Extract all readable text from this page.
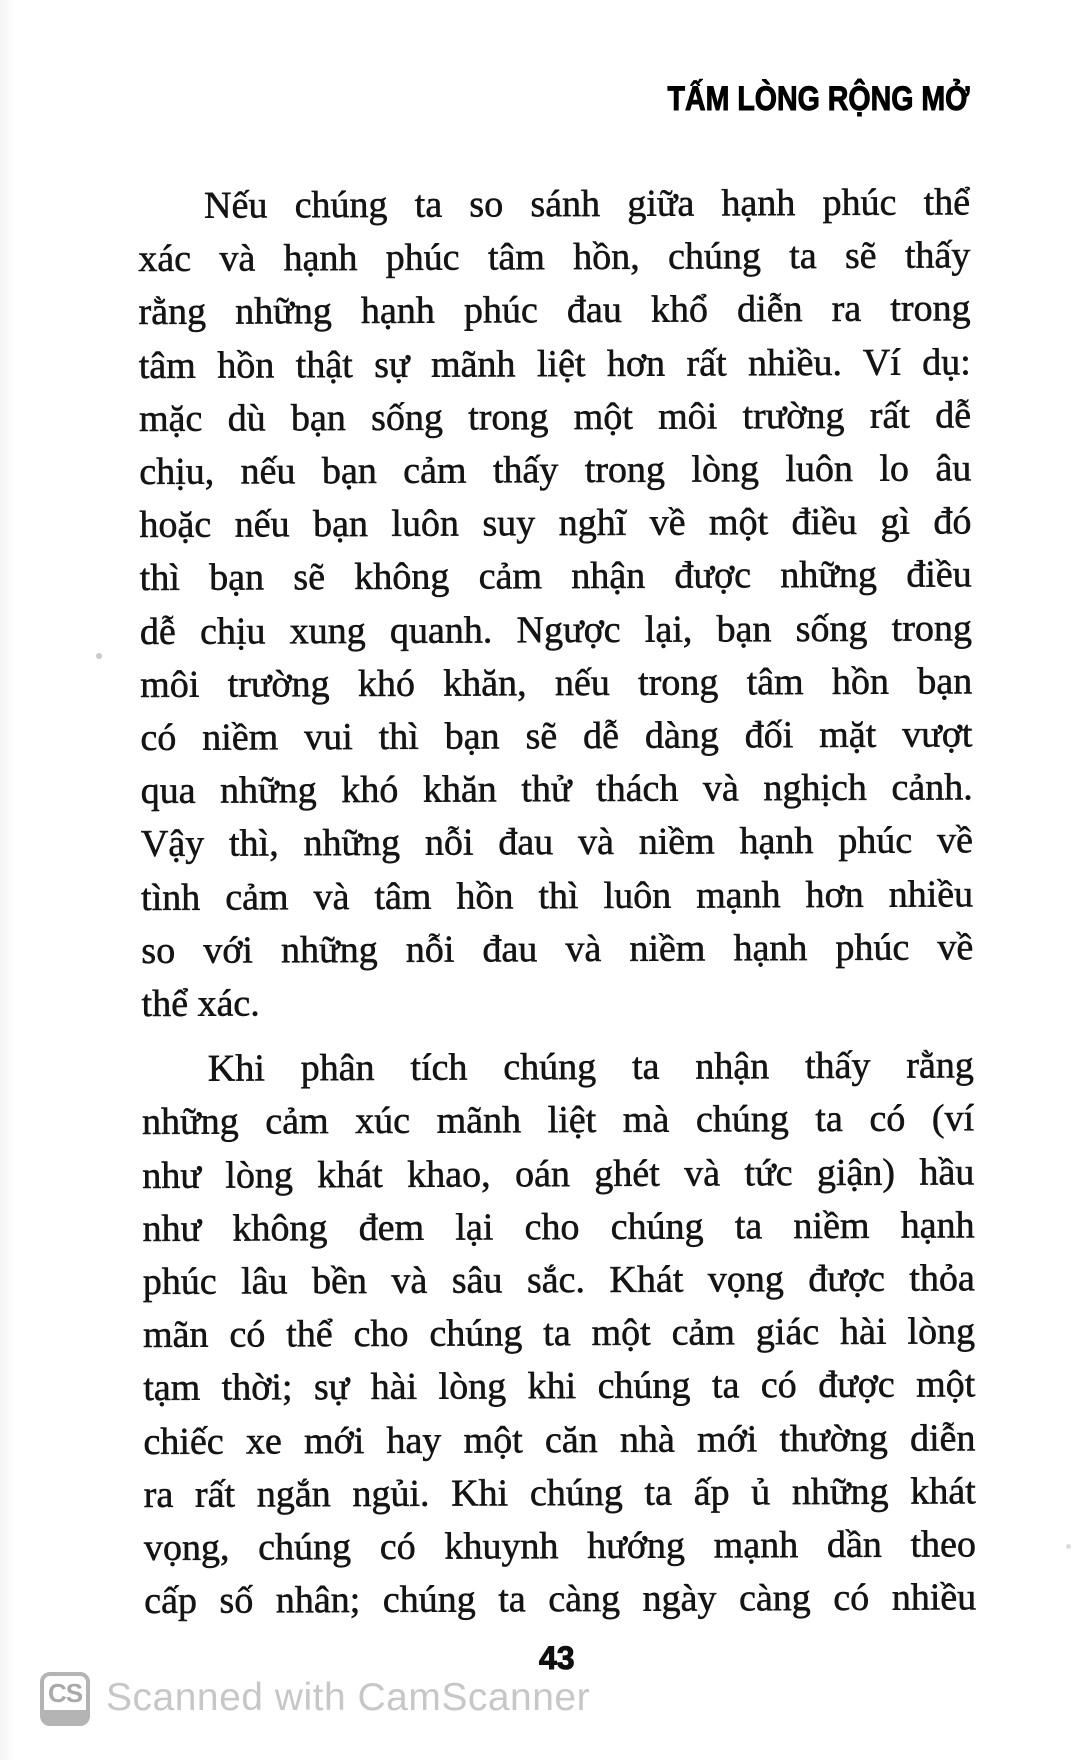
TẤM LÒNG RỘNG MỞ
Nếu chúng ta so sánh giữa hạnh phúc thể
xác và hạnh phúc tâm hồn, chúng ta sẽ thấy
rằng những hạnh phúc đau khổ diễn ra trong
tâm hồn thật sự mãnh liệt hơn rất nhiều. Ví dụ:
mặc dù bạn sống trong một môi trường rất dễ
chịu, nếu bạn cảm thấy trong lòng luôn lo âu
hoặc nếu bạn luôn suy nghĩ về một điều gì đó
thì bạn sẽ không cảm nhận được những điều
dễ chịu xung quanh. Ngược lại, bạn sống trong
môi trường khó khăn, nếu trong tâm hồn bạn
có niềm vui thì bạn sẽ dễ dàng đối mặt vượt
qua những khó khăn thử thách và nghịch cảnh.
Vậy thì, những nỗi đau và niềm hạnh phúc về
tình cảm và tâm hồn thì luôn mạnh hơn nhiều
so với những nỗi đau và niềm hạnh phúc về
thể xác.
Khi phân tích chúng ta nhận thấy rằng
những cảm xúc mãnh liệt mà chúng ta có (ví
như lòng khát khao, oán ghét và tức giận) hầu
như không đem lại cho chúng ta niềm hạnh
phúc lâu bền và sâu sắc. Khát vọng được thỏa
mãn có thể cho chúng ta một cảm giác hài lòng
tạm thời; sự hài lòng khi chúng ta có được một
chiếc xe mới hay một căn nhà mới thường diễn
ra rất ngắn ngủi. Khi chúng ta ấp ủ những khát
vọng, chúng có khuynh hướng mạnh dần theo
cấp số nhân; chúng ta càng ngày càng có nhiều
43
CS Scanned with CamScanner
